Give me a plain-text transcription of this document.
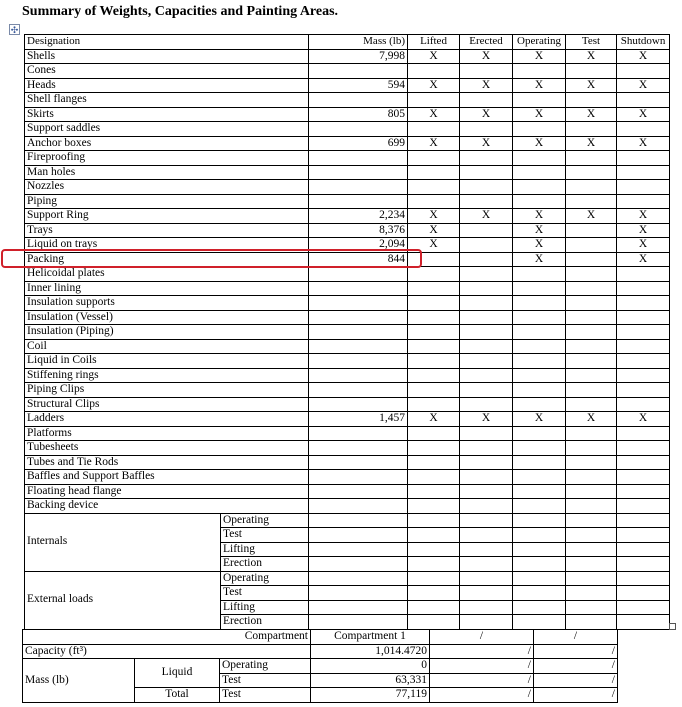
Summary of Weights, Capacities and Painting Areas.
✣
Designation		Mass (lb)	Lifted	Erected	Operating	Test	Shutdown
Shells		7,998	X	X	X	X	X
Cones							
Heads		594	X	X	X	X	X
Shell flanges							
Skirts		805	X	X	X	X	X
Support saddles							
Anchor boxes		699	X	X	X	X	X
Fireproofing							
Man holes							
Nozzles							
Piping							
Support Ring		2,234	X	X	X	X	X
Trays		8,376	X		X		X
Liquid on trays		2,094	X		X		X
Packing		844			X		X
Helicoidal plates							
Inner lining							
Insulation supports							
Insulation (Vessel)							
Insulation (Piping)							
Coil							
Liquid in Coils							
Stiffening rings							
Piping Clips							
Structural Clips							
Ladders		1,457	X	X	X	X	X
Platforms							
Tubesheets							
Tubes and Tie Rods							
Baffles and Support Baffles							
Floating head flange							
Backing device							
Internals	Operating						
	Test						
	Lifting						
	Erection						
External loads	Operating						
	Test						
	Lifting						
	Erection						
Compartment			Compartment 1	/	/
Capacity (ft³)			1,014.4720	/	/
Mass (lb)	Liquid	Operating	0	/	/
		Test	63,331	/	/
	Total	Test	77,119	/	/
